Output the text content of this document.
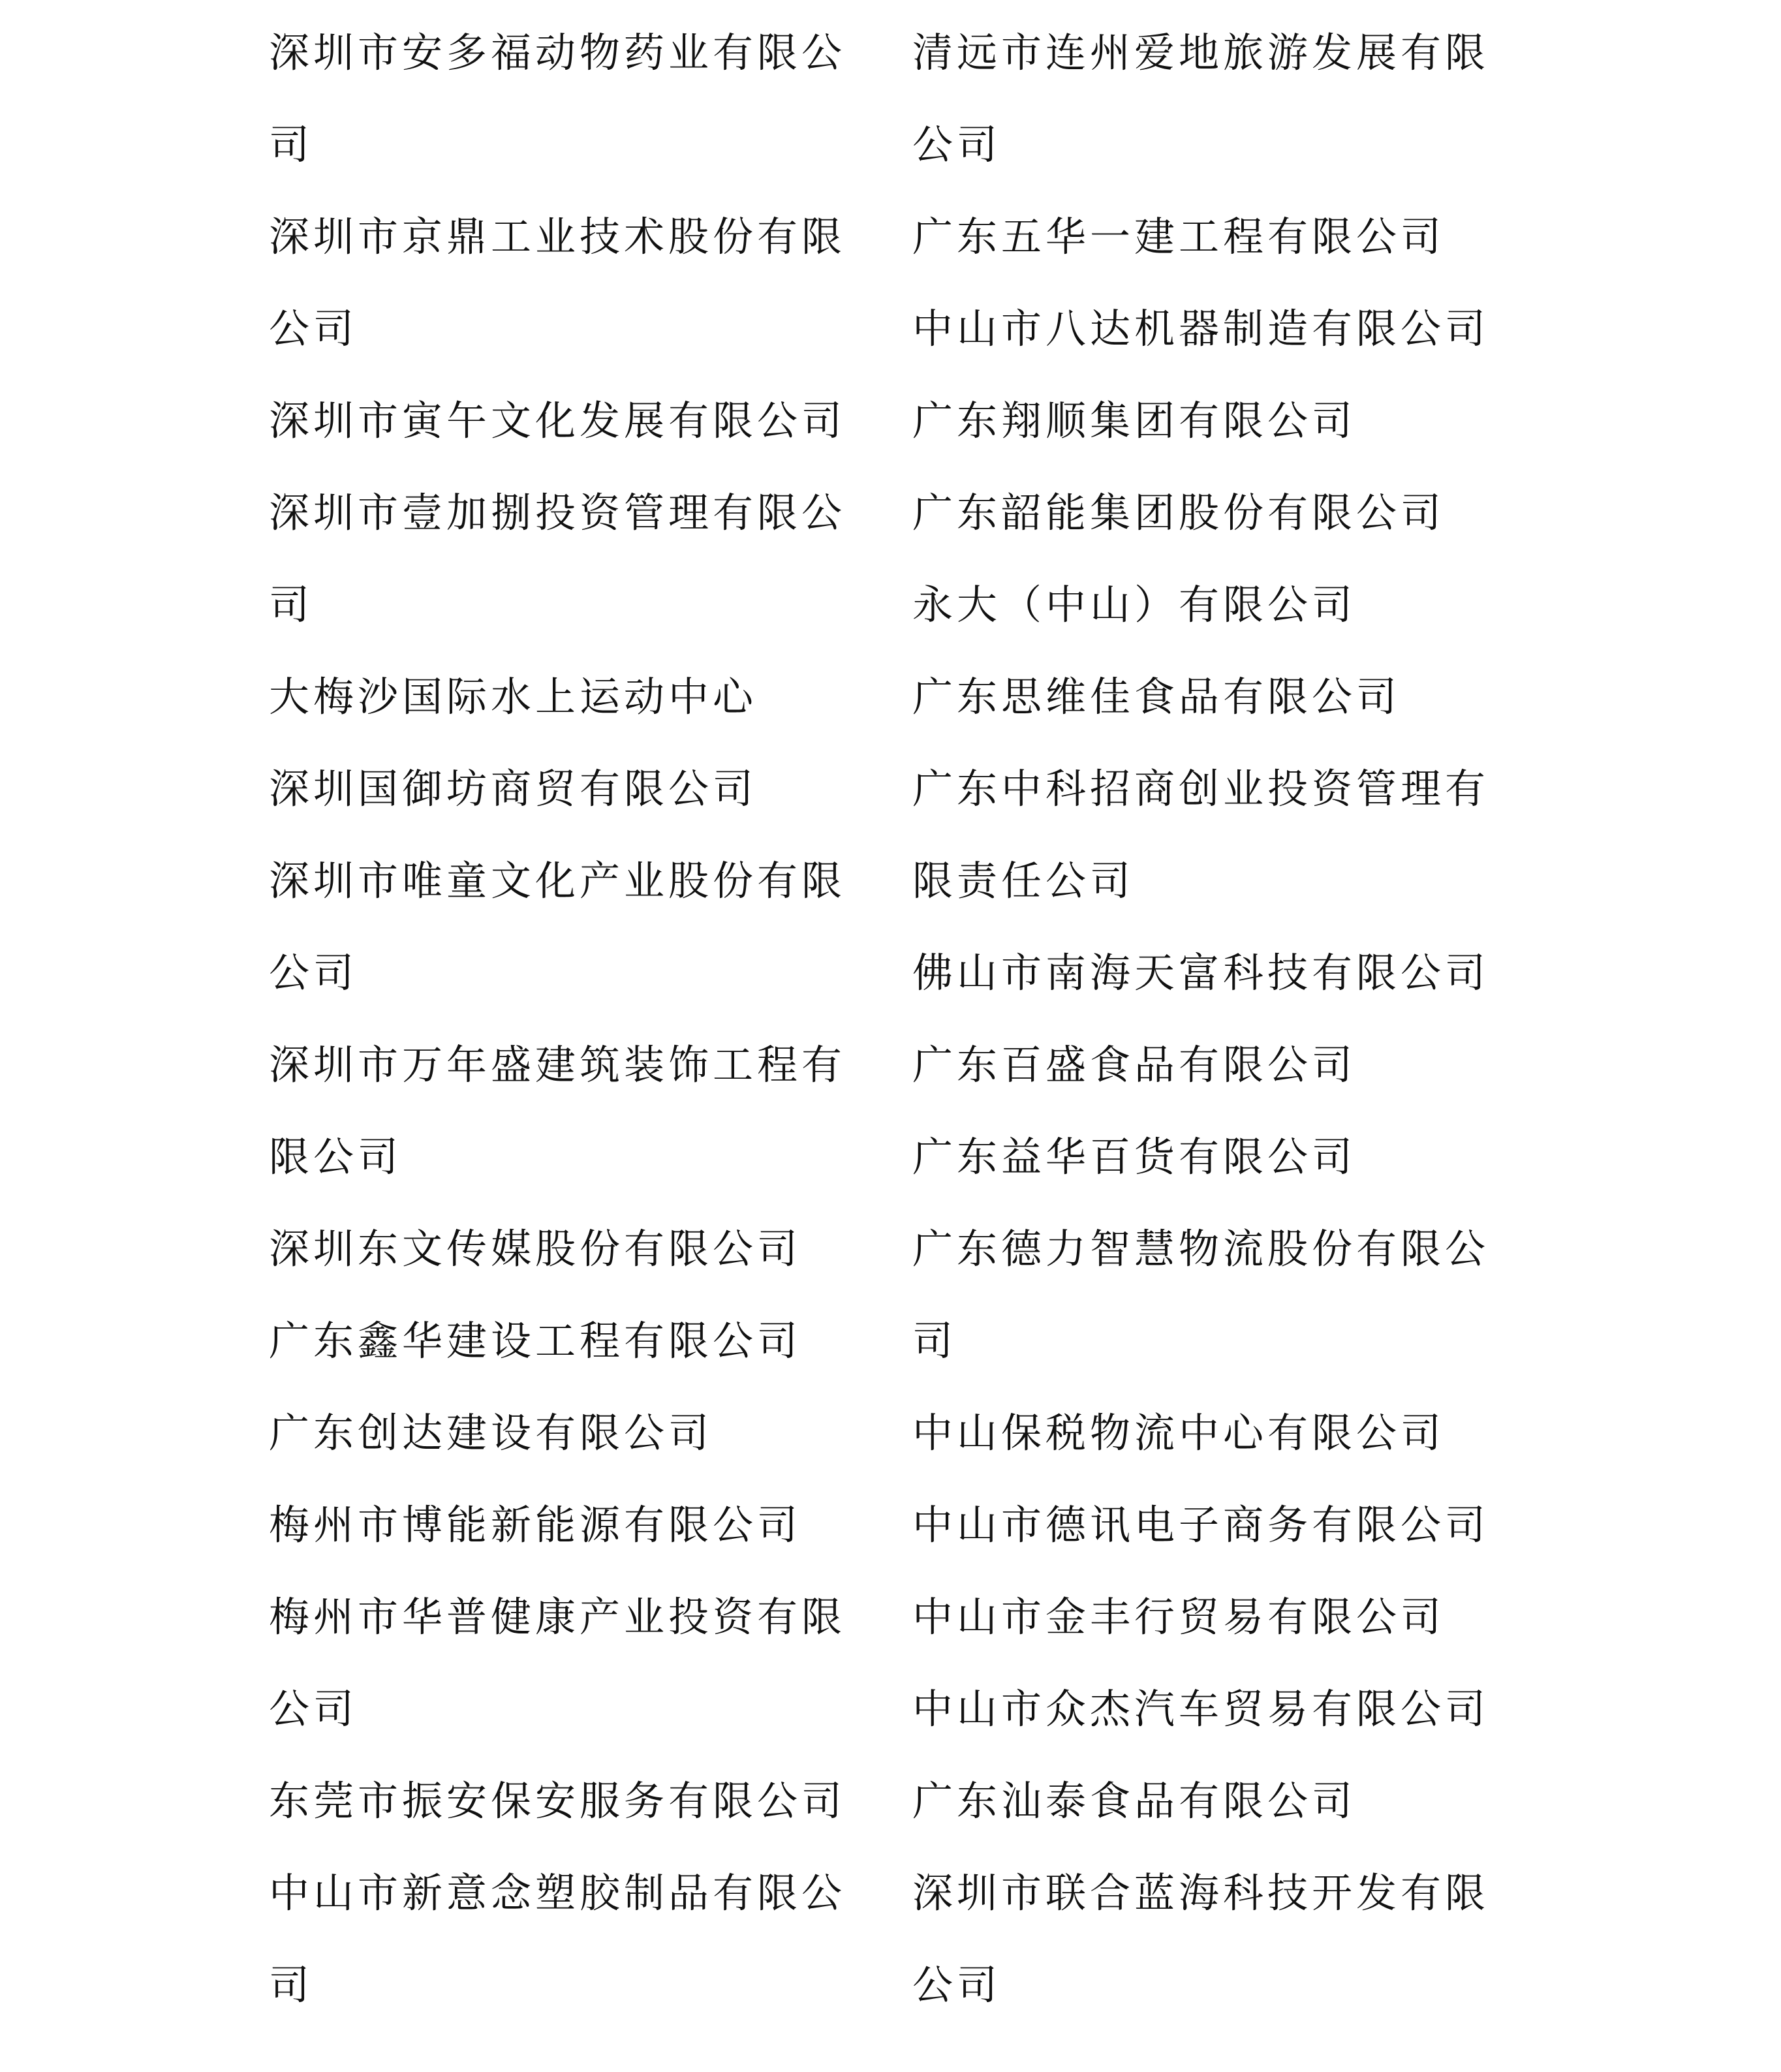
深圳市安多福动物药业有限公司
深圳市京鼎工业技术股份有限公司
深圳市寅午文化发展有限公司
深圳市壹加捌投资管理有限公司
大梅沙国际水上运动中心
深圳国御坊商贸有限公司
深圳市唯童文化产业股份有限公司
深圳市万年盛建筑装饰工程有限公司
深圳东文传媒股份有限公司
广东鑫华建设工程有限公司
广东创达建设有限公司
梅州市博能新能源有限公司
梅州市华普健康产业投资有限公司
东莞市振安保安服务有限公司
中山市新意念塑胶制品有限公司
清远市连州爱地旅游发展有限公司
广东五华一建工程有限公司
中山市八达机器制造有限公司
广东翔顺集团有限公司
广东韶能集团股份有限公司
永大（中山）有限公司
广东思维佳食品有限公司
广东中科招商创业投资管理有限责任公司
佛山市南海天富科技有限公司
广东百盛食品有限公司
广东益华百货有限公司
广东德力智慧物流股份有限公司
中山保税物流中心有限公司
中山市德讯电子商务有限公司
中山市金丰行贸易有限公司
中山市众杰汽车贸易有限公司
广东汕泰食品有限公司
深圳市联合蓝海科技开发有限公司
